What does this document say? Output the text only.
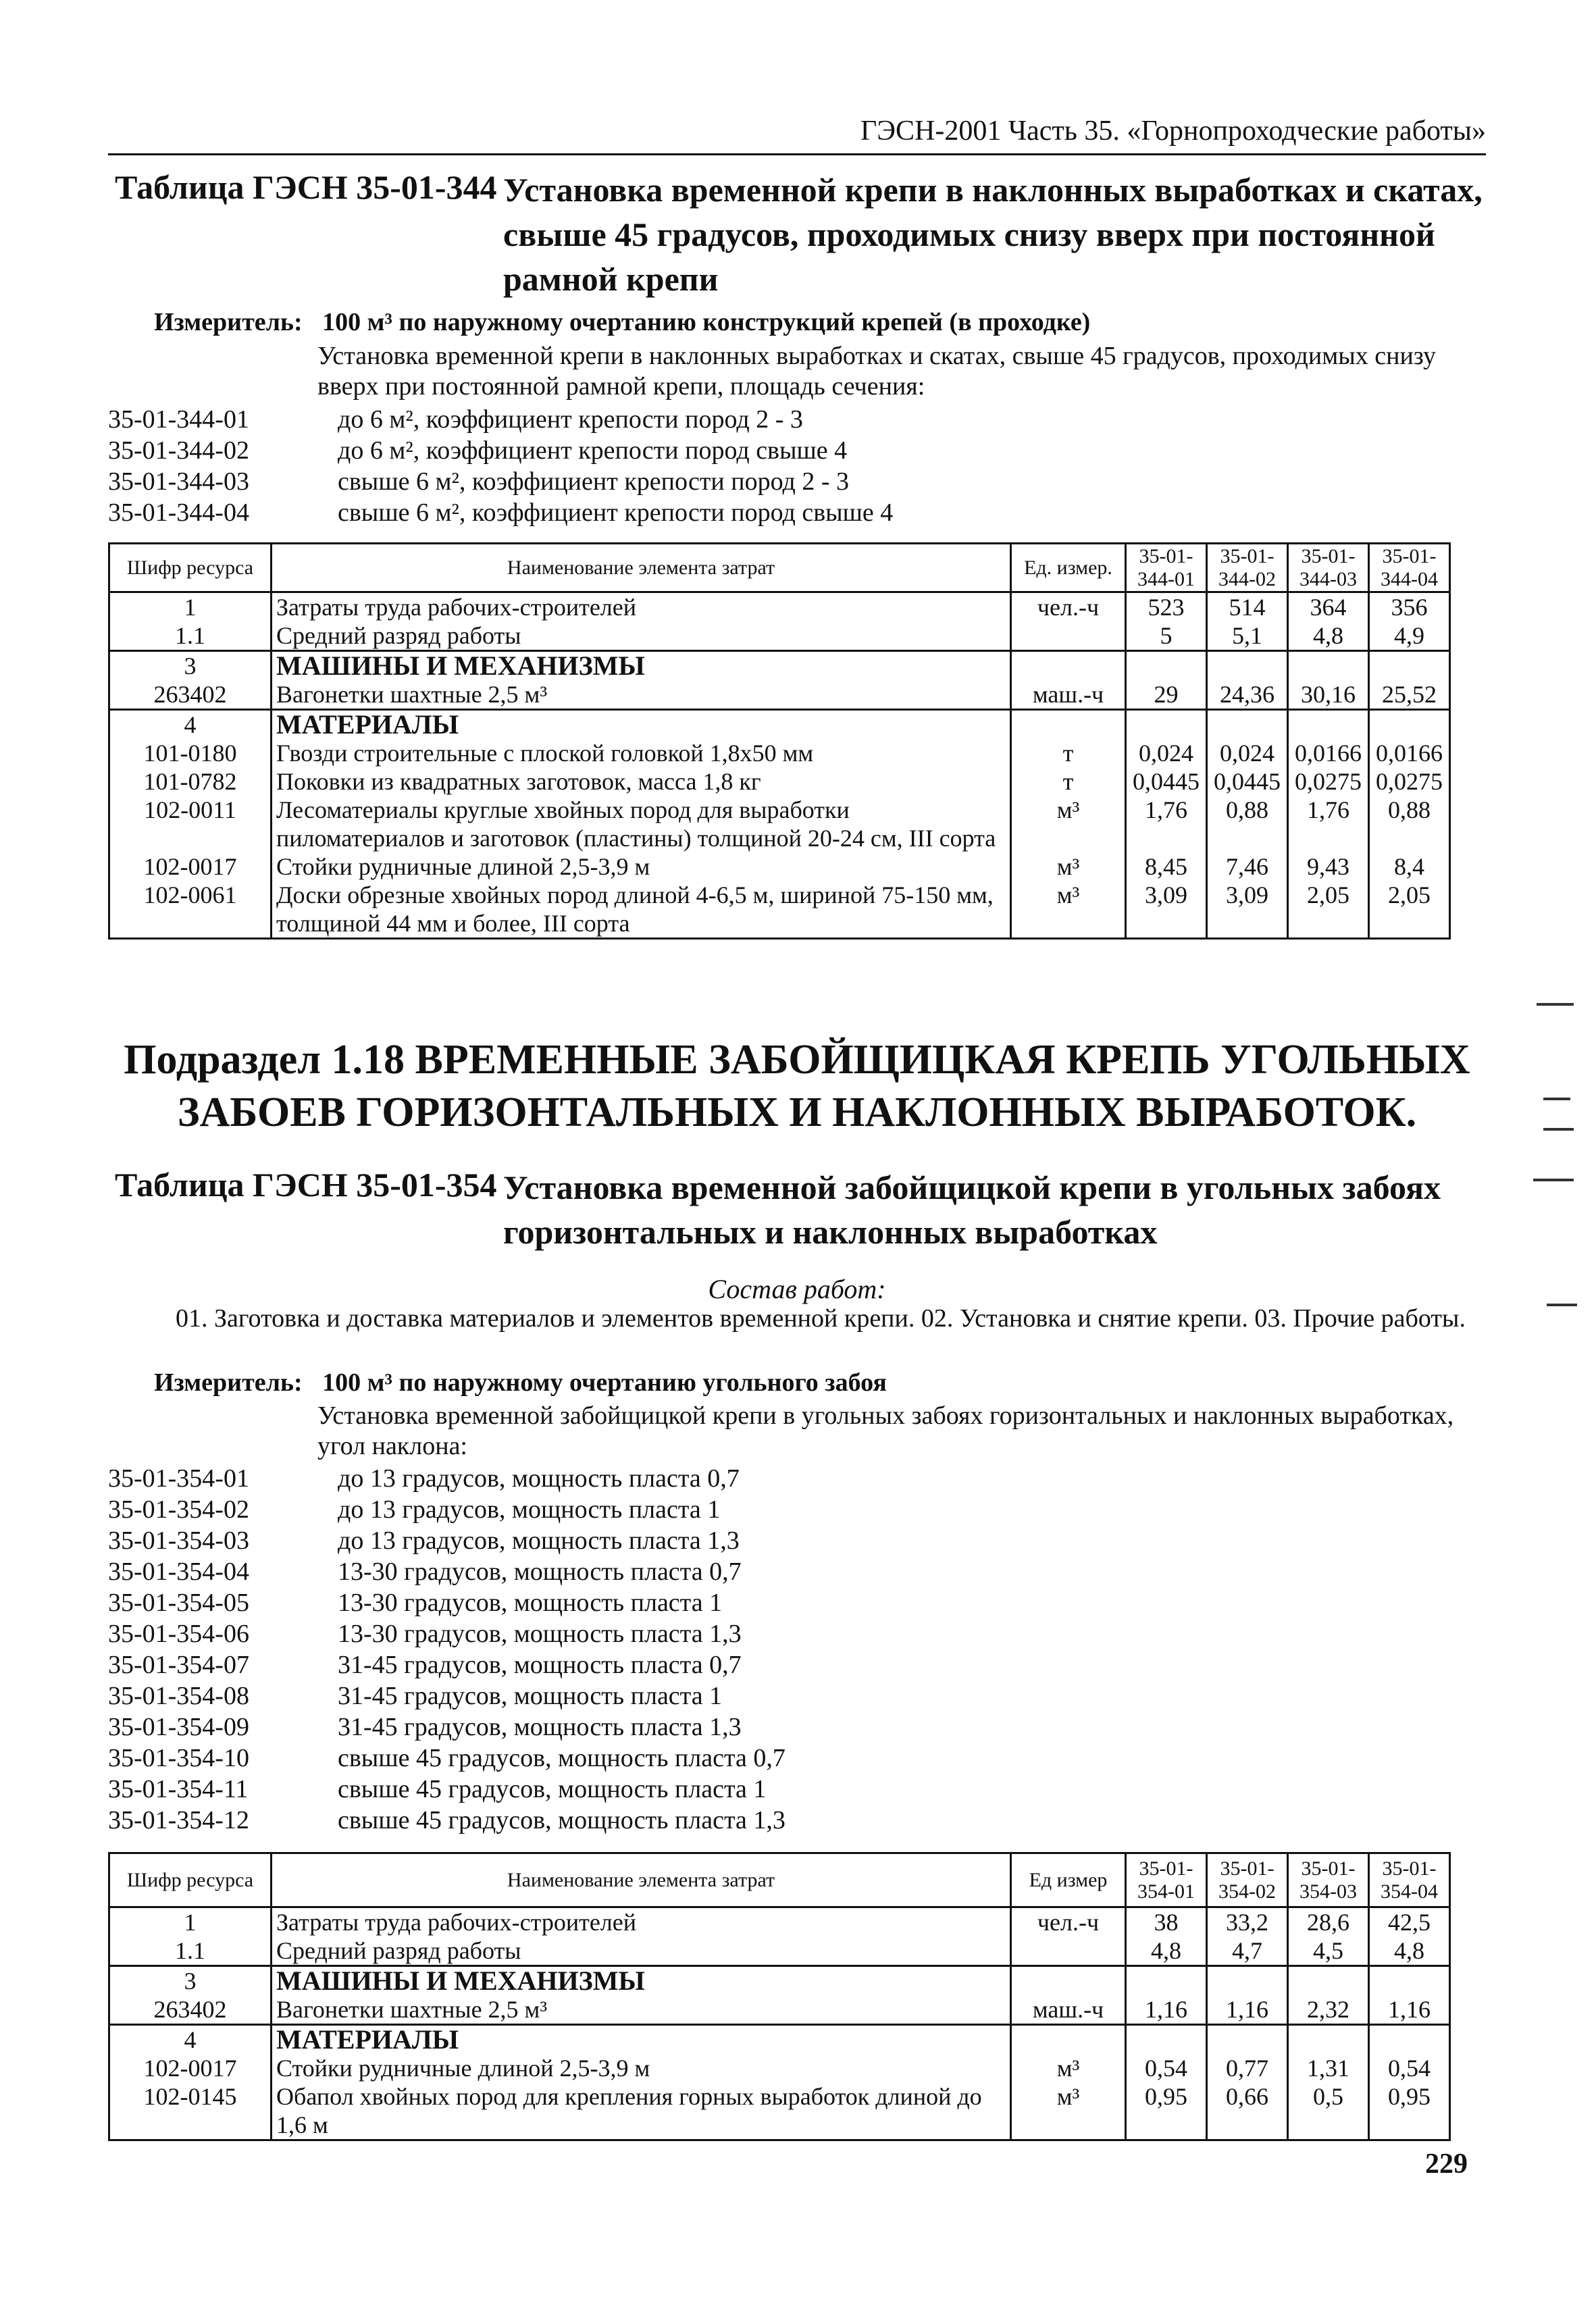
ГЭСН-2001 Часть 35. «Горнопроходческие работы»
Таблица ГЭСН 35-01-344 Установка временной крепи в наклонных выработках и скатах, свыше 45 градусов, проходимых снизу вверх при постоянной рамной крепи
Измеритель: 100 м³ по наружному очертанию конструкций крепей (в проходке)
Установка временной крепи в наклонных выработках и скатах, свыше 45 градусов, проходимых снизу вверх при постоянной рамной крепи, площадь сечения:
35-01-344-01	до 6 м², коэффициент крепости пород 2 - 3
35-01-344-02	до 6 м², коэффициент крепости пород свыше 4
35-01-344-03	свыше 6 м², коэффициент крепости пород 2 - 3
35-01-344-04	свыше 6 м², коэффициент крепости пород свыше 4
Шифр ресурса	Наименование элемента затрат	Ед. измер.	35-01-344-01	35-01-344-02	35-01-344-03	35-01-344-04
1	Затраты труда рабочих-строителей	чел.-ч	523	514	364	356
1.1	Средний разряд работы		5	5,1	4,8	4,9
3	МАШИНЫ И МЕХАНИЗМЫ					
263402	Вагонетки шахтные 2,5 м³	маш.-ч	29	24,36	30,16	25,52
4	МАТЕРИАЛЫ					
101-0180	Гвозди строительные с плоской головкой 1,8х50 мм	т	0,024	0,024	0,0166	0,0166
101-0782	Поковки из квадратных заготовок, масса 1,8 кг	т	0,0445	0,0445	0,0275	0,0275
102-0011	Лесоматериалы круглые хвойных пород для выработки пиломатериалов и заготовок (пластины) толщиной 20-24 см, III сорта	м³	1,76	0,88	1,76	0,88
102-0017	Стойки рудничные длиной 2,5-3,9 м	м³	8,45	7,46	9,43	8,4
102-0061	Доски обрезные хвойных пород длиной 4-6,5 м, шириной 75-150 мм, толщиной 44 мм и более, III сорта	м³	3,09	3,09	2,05	2,05
Подраздел 1.18 ВРЕМЕННЫЕ ЗАБОЙЩИЦКАЯ КРЕПЬ УГОЛЬНЫХ ЗАБОЕВ ГОРИЗОНТАЛЬНЫХ И НАКЛОННЫХ ВЫРАБОТОК.
Таблица ГЭСН 35-01-354 Установка временной забойщицкой крепи в угольных забоях горизонтальных и наклонных выработках
Состав работ:
01. Заготовка и доставка материалов и элементов временной крепи. 02. Установка и снятие крепи. 03. Прочие работы.
Измеритель: 100 м³ по наружному очертанию угольного забоя
Установка временной забойщицкой крепи в угольных забоях горизонтальных и наклонных выработках, угол наклона:
35-01-354-01	до 13 градусов, мощность пласта 0,7
35-01-354-02	до 13 градусов, мощность пласта 1
35-01-354-03	до 13 градусов, мощность пласта 1,3
35-01-354-04	13-30 градусов, мощность пласта 0,7
35-01-354-05	13-30 градусов, мощность пласта 1
35-01-354-06	13-30 градусов, мощность пласта 1,3
35-01-354-07	31-45 градусов, мощность пласта 0,7
35-01-354-08	31-45 градусов, мощность пласта 1
35-01-354-09	31-45 градусов, мощность пласта 1,3
35-01-354-10	свыше 45 градусов, мощность пласта 0,7
35-01-354-11	свыше 45 градусов, мощность пласта 1
35-01-354-12	свыше 45 градусов, мощность пласта 1,3
Шифр ресурса	Наименование элемента затрат	Ед измер	35-01-354-01	35-01-354-02	35-01-354-03	35-01-354-04
1	Затраты труда рабочих-строителей	чел.-ч	38	33,2	28,6	42,5
1.1	Средний разряд работы		4,8	4,7	4,5	4,8
3	МАШИНЫ И МЕХАНИЗМЫ					
263402	Вагонетки шахтные 2,5 м³	маш.-ч	1,16	1,16	2,32	1,16
4	МАТЕРИАЛЫ					
102-0017	Стойки рудничные длиной 2,5-3,9 м	м³	0,54	0,77	1,31	0,54
102-0145	Обапол хвойных пород для крепления горных выработок длиной до 1,6 м	м³	0,95	0,66	0,5	0,95
229
